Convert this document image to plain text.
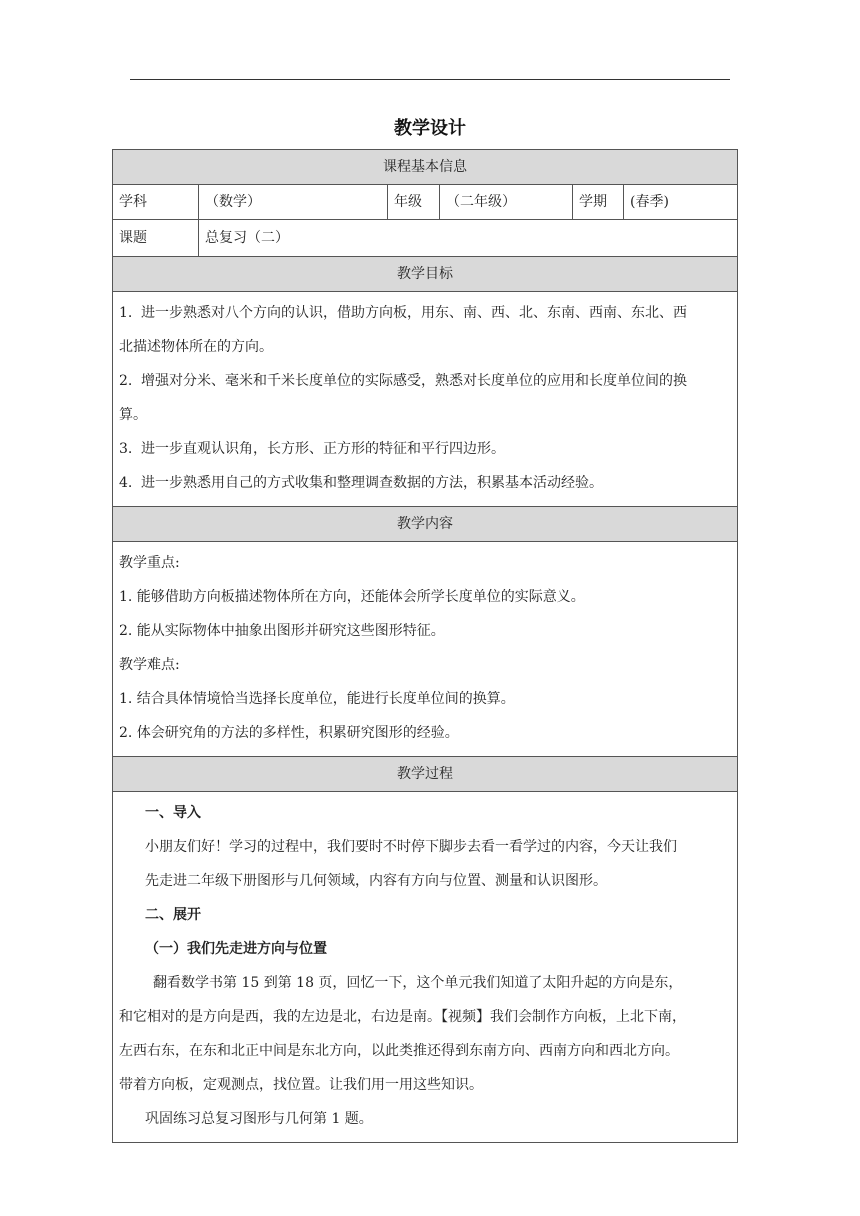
教学设计
课程基本信息
学科	（数学）	年级	（二年级）	学期	(春季)
课题	总复习（二）
教学目标
1. 进一步熟悉对八个方向的认识，借助方向板，用东、南、西、北、东南、西南、东北、西
北描述物体所在的方向。
2. 增强对分米、毫米和千米长度单位的实际感受，熟悉对长度单位的应用和长度单位间的换
算。
3. 进一步直观认识角，长方形、正方形的特征和平行四边形。
4. 进一步熟悉用自己的方式收集和整理调查数据的方法，积累基本活动经验。
教学内容

教学重点:

1. 能够借助方向板描述物体所在方向，还能体会所学长度单位的实际意义。

2. 能从实际物体中抽象出图形并研究这些图形特征。

教学难点:

1. 结合具体情境恰当选择长度单位，能进行长度单位间的换算。

2. 体会研究角的方法的多样性，积累研究图形的经验。

教学过程

一、导入

小朋友们好！学习的过程中，我们要时不时停下脚步去看一看学过的内容，今天让我们

先走进二年级下册图形与几何领域，内容有方向与位置、测量和认识图形。

二、展开

（一）我们先走进方向与位置

翻看数学书第 15 到第 18 页，回忆一下，这个单元我们知道了太阳升起的方向是东，

和它相对的是方向是西，我的左边是北，右边是南。【视频】我们会制作方向板，上北下南，

左西右东，在东和北正中间是东北方向，以此类推还得到东南方向、西南方向和西北方向。

带着方向板，定观测点，找位置。让我们用一用这些知识。

巩固练习总复习图形与几何第 1 题。
